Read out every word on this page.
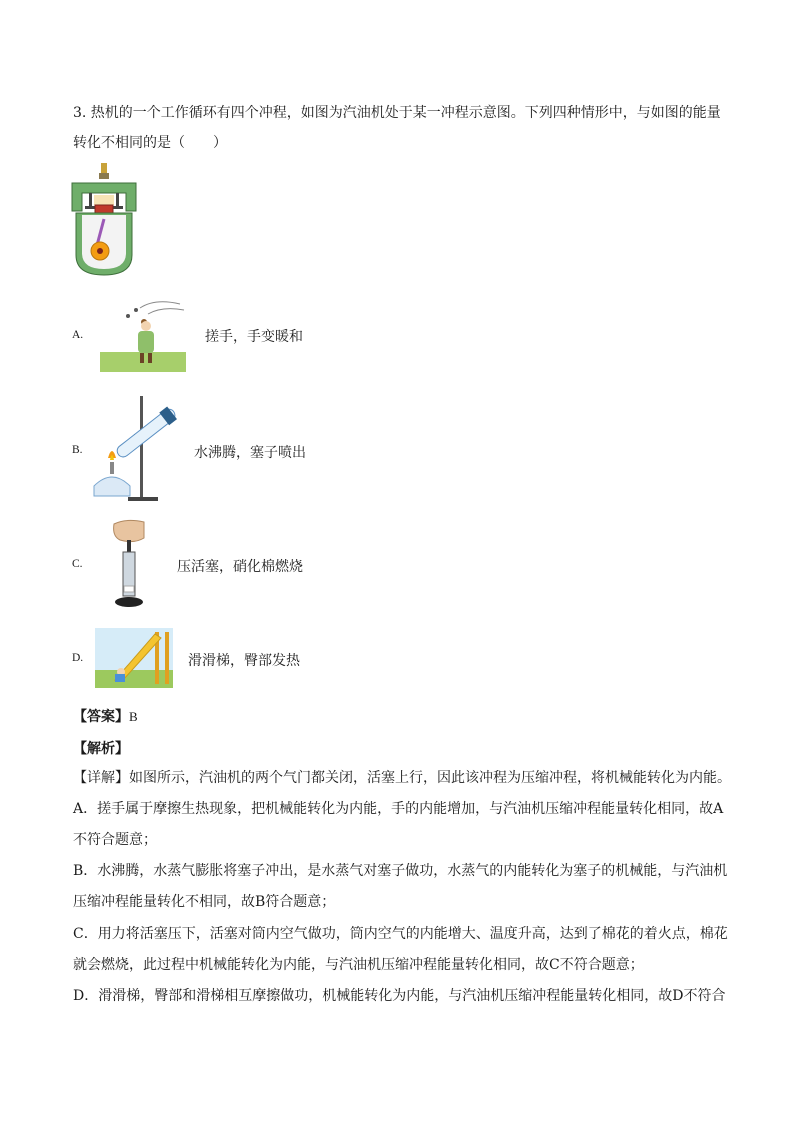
3. 热机的一个工作循环有四个冲程，如图为汽油机处于某一冲程示意图。下列四种情形中，与如图的能量
转化不相同的是（　　）
A.	搓手，手变暖和
B.	水沸腾，塞子喷出
C.	压活塞，硝化棉燃烧
D.	滑滑梯，臀部发热
【答案】B
【解析】
【详解】如图所示，汽油机的两个气门都关闭，活塞上行，因此该冲程为压缩冲程，将机械能转化为内能。
A．搓手属于摩擦生热现象，把机械能转化为内能，手的内能增加，与汽油机压缩冲程能量转化相同，故A
不符合题意；
B．水沸腾，水蒸气膨胀将塞子冲出，是水蒸气对塞子做功，水蒸气的内能转化为塞子的机械能，与汽油机
压缩冲程能量转化不相同，故B符合题意；
C．用力将活塞压下，活塞对筒内空气做功，筒内空气的内能增大、温度升高，达到了棉花的着火点，棉花
就会燃烧，此过程中机械能转化为内能，与汽油机压缩冲程能量转化相同，故C不符合题意；
D．滑滑梯，臀部和滑梯相互摩擦做功，机械能转化为内能，与汽油机压缩冲程能量转化相同，故D不符合
